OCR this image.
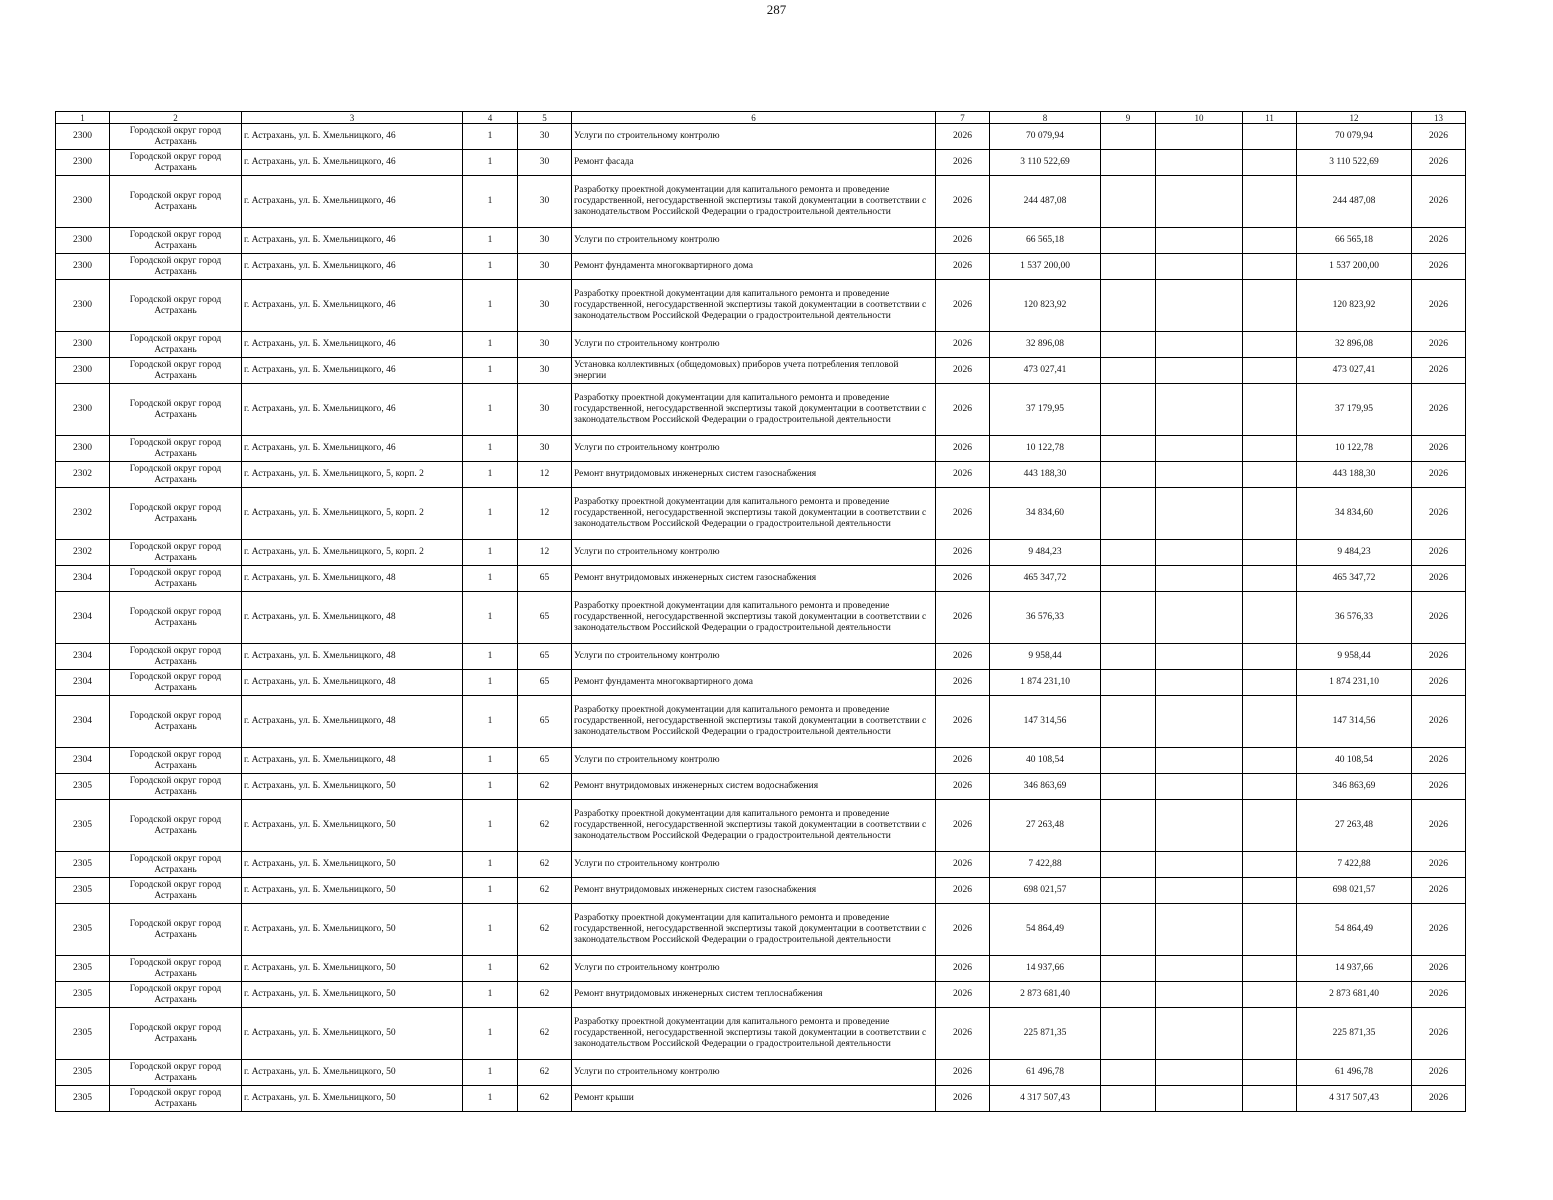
287
1	2	3	4	5	6	7	8	9	10	11	12	13
2300	Городской округ город Астрахань	г. Астрахань, ул. Б. Хмельницкого, 46	1	30	Услуги по строительному контролю	2026	70 079,94				70 079,94	2026
2300	Городской округ город Астрахань	г. Астрахань, ул. Б. Хмельницкого, 46	1	30	Ремонт фасада	2026	3 110 522,69				3 110 522,69	2026
2300	Городской округ город Астрахань	г. Астрахань, ул. Б. Хмельницкого, 46	1	30	Разработку проектной документации для капитального ремонта и проведение государственной, негосударственной экспертизы такой документации в соответствии с законодательством Российской Федерации о градостроительной деятельности	2026	244 487,08				244 487,08	2026
2300	Городской округ город Астрахань	г. Астрахань, ул. Б. Хмельницкого, 46	1	30	Услуги по строительному контролю	2026	66 565,18				66 565,18	2026
2300	Городской округ город Астрахань	г. Астрахань, ул. Б. Хмельницкого, 46	1	30	Ремонт фундамента многоквартирного дома	2026	1 537 200,00				1 537 200,00	2026
2300	Городской округ город Астрахань	г. Астрахань, ул. Б. Хмельницкого, 46	1	30	Разработку проектной документации для капитального ремонта и проведение государственной, негосударственной экспертизы такой документации в соответствии с законодательством Российской Федерации о градостроительной деятельности	2026	120 823,92				120 823,92	2026
2300	Городской округ город Астрахань	г. Астрахань, ул. Б. Хмельницкого, 46	1	30	Услуги по строительному контролю	2026	32 896,08				32 896,08	2026
2300	Городской округ город Астрахань	г. Астрахань, ул. Б. Хмельницкого, 46	1	30	Установка коллективных (общедомовых) приборов учета потребления тепловой энергии	2026	473 027,41				473 027,41	2026
2300	Городской округ город Астрахань	г. Астрахань, ул. Б. Хмельницкого, 46	1	30	Разработку проектной документации для капитального ремонта и проведение государственной, негосударственной экспертизы такой документации в соответствии с законодательством Российской Федерации о градостроительной деятельности	2026	37 179,95				37 179,95	2026
2300	Городской округ город Астрахань	г. Астрахань, ул. Б. Хмельницкого, 46	1	30	Услуги по строительному контролю	2026	10 122,78				10 122,78	2026
2302	Городской округ город Астрахань	г. Астрахань, ул. Б. Хмельницкого, 5, корп. 2	1	12	Ремонт внутридомовых инженерных систем газоснабжения	2026	443 188,30				443 188,30	2026
2302	Городской округ город Астрахань	г. Астрахань, ул. Б. Хмельницкого, 5, корп. 2	1	12	Разработку проектной документации для капитального ремонта и проведение государственной, негосударственной экспертизы такой документации в соответствии с законодательством Российской Федерации о градостроительной деятельности	2026	34 834,60				34 834,60	2026
2302	Городской округ город Астрахань	г. Астрахань, ул. Б. Хмельницкого, 5, корп. 2	1	12	Услуги по строительному контролю	2026	9 484,23				9 484,23	2026
2304	Городской округ город Астрахань	г. Астрахань, ул. Б. Хмельницкого, 48	1	65	Ремонт внутридомовых инженерных систем газоснабжения	2026	465 347,72				465 347,72	2026
2304	Городской округ город Астрахань	г. Астрахань, ул. Б. Хмельницкого, 48	1	65	Разработку проектной документации для капитального ремонта и проведение государственной, негосударственной экспертизы такой документации в соответствии с законодательством Российской Федерации о градостроительной деятельности	2026	36 576,33				36 576,33	2026
2304	Городской округ город Астрахань	г. Астрахань, ул. Б. Хмельницкого, 48	1	65	Услуги по строительному контролю	2026	9 958,44				9 958,44	2026
2304	Городской округ город Астрахань	г. Астрахань, ул. Б. Хмельницкого, 48	1	65	Ремонт фундамента многоквартирного дома	2026	1 874 231,10				1 874 231,10	2026
2304	Городской округ город Астрахань	г. Астрахань, ул. Б. Хмельницкого, 48	1	65	Разработку проектной документации для капитального ремонта и проведение государственной, негосударственной экспертизы такой документации в соответствии с законодательством Российской Федерации о градостроительной деятельности	2026	147 314,56				147 314,56	2026
2304	Городской округ город Астрахань	г. Астрахань, ул. Б. Хмельницкого, 48	1	65	Услуги по строительному контролю	2026	40 108,54				40 108,54	2026
2305	Городской округ город Астрахань	г. Астрахань, ул. Б. Хмельницкого, 50	1	62	Ремонт внутридомовых инженерных систем водоснабжения	2026	346 863,69				346 863,69	2026
2305	Городской округ город Астрахань	г. Астрахань, ул. Б. Хмельницкого, 50	1	62	Разработку проектной документации для капитального ремонта и проведение государственной, негосударственной экспертизы такой документации в соответствии с законодательством Российской Федерации о градостроительной деятельности	2026	27 263,48				27 263,48	2026
2305	Городской округ город Астрахань	г. Астрахань, ул. Б. Хмельницкого, 50	1	62	Услуги по строительному контролю	2026	7 422,88				7 422,88	2026
2305	Городской округ город Астрахань	г. Астрахань, ул. Б. Хмельницкого, 50	1	62	Ремонт внутридомовых инженерных систем газоснабжения	2026	698 021,57				698 021,57	2026
2305	Городской округ город Астрахань	г. Астрахань, ул. Б. Хмельницкого, 50	1	62	Разработку проектной документации для капитального ремонта и проведение государственной, негосударственной экспертизы такой документации в соответствии с законодательством Российской Федерации о градостроительной деятельности	2026	54 864,49				54 864,49	2026
2305	Городской округ город Астрахань	г. Астрахань, ул. Б. Хмельницкого, 50	1	62	Услуги по строительному контролю	2026	14 937,66				14 937,66	2026
2305	Городской округ город Астрахань	г. Астрахань, ул. Б. Хмельницкого, 50	1	62	Ремонт внутридомовых инженерных систем теплоснабжения	2026	2 873 681,40				2 873 681,40	2026
2305	Городской округ город Астрахань	г. Астрахань, ул. Б. Хмельницкого, 50	1	62	Разработку проектной документации для капитального ремонта и проведение государственной, негосударственной экспертизы такой документации в соответствии с законодательством Российской Федерации о градостроительной деятельности	2026	225 871,35				225 871,35	2026
2305	Городской округ город Астрахань	г. Астрахань, ул. Б. Хмельницкого, 50	1	62	Услуги по строительному контролю	2026	61 496,78				61 496,78	2026
2305	Городской округ город Астрахань	г. Астрахань, ул. Б. Хмельницкого, 50	1	62	Ремонт крыши	2026	4 317 507,43				4 317 507,43	2026
